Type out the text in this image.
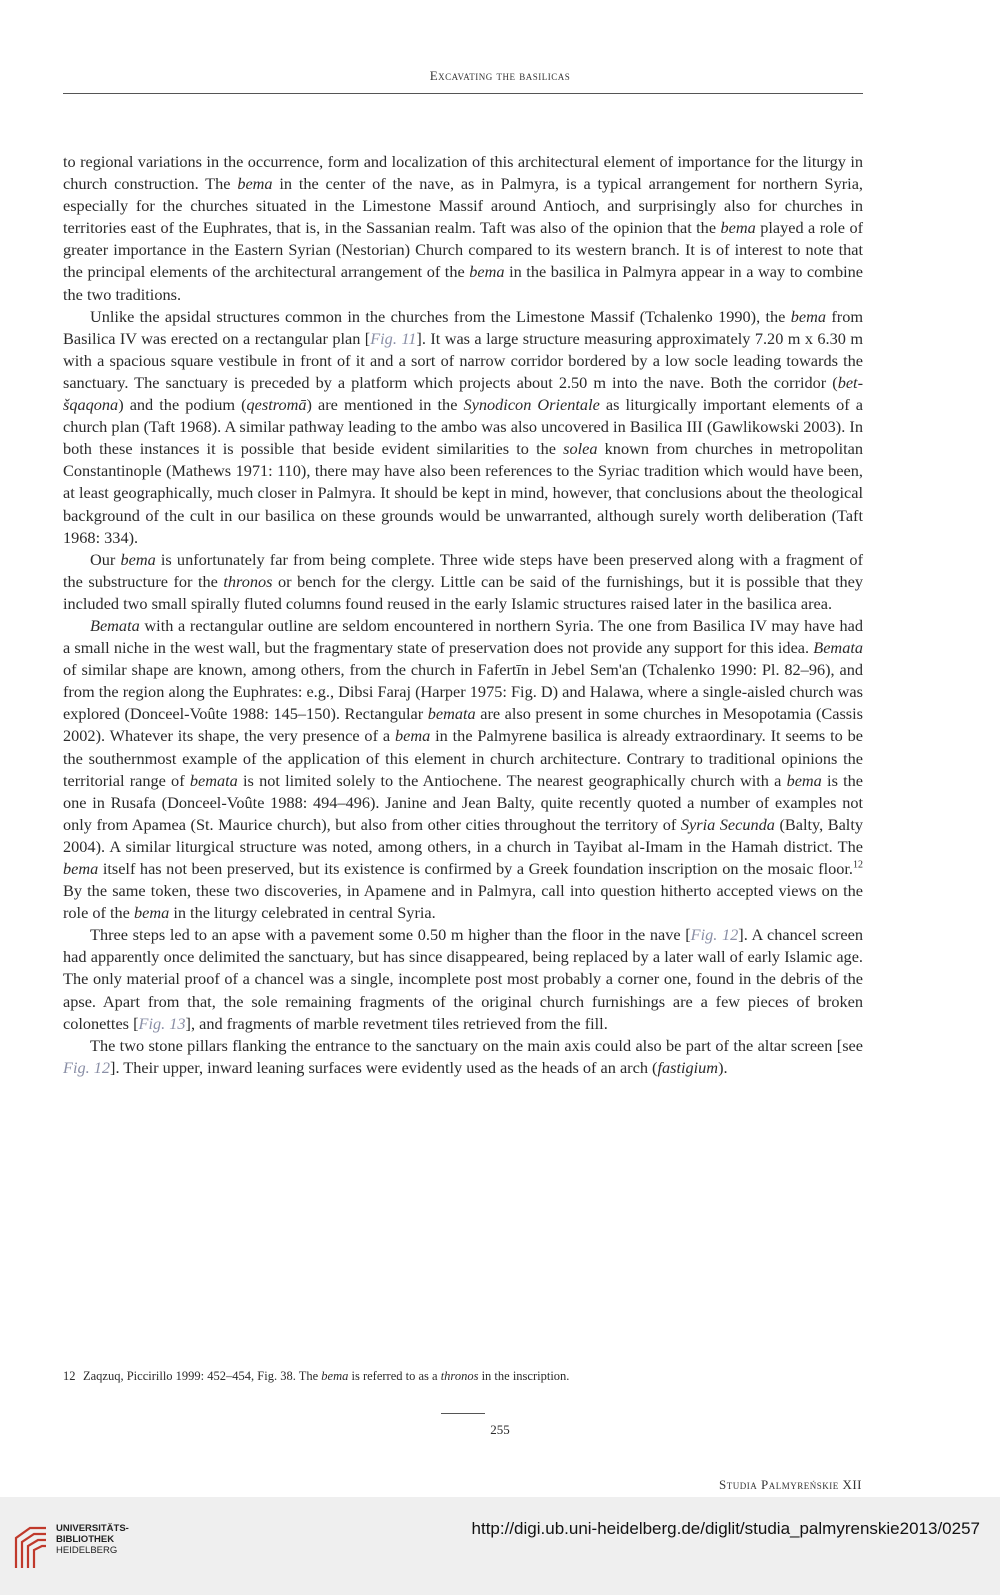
Excavating the basilicas

to regional variations in the occurrence, form and localization of this architectural element of importance for the liturgy in church construction. The bema in the center of the nave, as in Palmyra, is a typical arrangement for northern Syria, especially for the churches situated in the Limestone Massif around Antioch, and surprisingly also for churches in territories east of the Euphrates, that is, in the Sassanian realm. Taft was also of the opinion that the bema played a role of greater importance in the Eastern Syrian (Nestorian) Church compared to its western branch. It is of interest to note that the principal elements of the architectural arrangement of the bema in the basilica in Palmyra appear in a way to combine the two traditions.

Unlike the apsidal structures common in the churches from the Limestone Massif (Tchalenko 1990), the bema from Basilica IV was erected on a rectangular plan [Fig. 11]. It was a large structure measuring approximately 7.20 m x 6.30 m with a spacious square vestibule in front of it and a sort of narrow corridor bordered by a low socle leading towards the sanctuary. The sanctuary is preceded by a platform which projects about 2.50 m into the nave. Both the corridor (bet-šqaqona) and the podium (qestromā) are mentioned in the Synodicon Orientale as liturgically important elements of a church plan (Taft 1968). A similar pathway leading to the ambo was also uncovered in Basilica III (Gawlikowski 2003). In both these instances it is possible that beside evident similarities to the solea known from churches in metropolitan Constantinople (Mathews 1971: 110), there may have also been references to the Syriac tradition which would have been, at least geographically, much closer in Palmyra. It should be kept in mind, however, that conclusions about the theological background of the cult in our basilica on these grounds would be unwarranted, although surely worth deliberation (Taft 1968: 334).

Our bema is unfortunately far from being complete. Three wide steps have been preserved along with a fragment of the substructure for the thronos or bench for the clergy. Little can be said of the furnishings, but it is possible that they included two small spirally fluted columns found reused in the early Islamic structures raised later in the basilica area.

Bemata with a rectangular outline are seldom encountered in northern Syria. The one from Basilica IV may have had a small niche in the west wall, but the fragmentary state of preservation does not provide any support for this idea. Bemata of similar shape are known, among others, from the church in Fafertīn in Jebel Sem'an (Tchalenko 1990: Pl. 82–96), and from the region along the Euphrates: e.g., Dibsi Faraj (Harper 1975: Fig. D) and Halawa, where a single-aisled church was explored (Donceel-Voûte 1988: 145–150). Rectangular bemata are also present in some churches in Mesopotamia (Cassis 2002). Whatever its shape, the very presence of a bema in the Palmyrene basilica is already extraordinary. It seems to be the southernmost example of the application of this element in church architecture. Contrary to traditional opinions the territorial range of bemata is not limited solely to the Antiochene. The nearest geographically church with a bema is the one in Rusafa (Donceel-Voûte 1988: 494–496). Janine and Jean Balty, quite recently quoted a number of examples not only from Apamea (St. Maurice church), but also from other cities throughout the territory of Syria Secunda (Balty, Balty 2004). A similar liturgical structure was noted, among others, in a church in Tayibat al-Imam in the Hamah district. The bema itself has not been preserved, but its existence is confirmed by a Greek foundation inscription on the mosaic floor.$^{12}$ By the same token, these two discoveries, in Apamene and in Palmyra, call into question hitherto accepted views on the role of the bema in the liturgy celebrated in central Syria.

Three steps led to an apse with a pavement some 0.50 m higher than the floor in the nave [Fig. 12]. A chancel screen had apparently once delimited the sanctuary, but has since disappeared, being replaced by a later wall of early Islamic age. The only material proof of a chancel was a single, incomplete post most probably a corner one, found in the debris of the apse. Apart from that, the sole remaining fragments of the original church furnishings are a few pieces of broken colonettes [Fig. 13], and fragments of marble revetment tiles retrieved from the fill.

The two stone pillars flanking the entrance to the sanctuary on the main axis could also be part of the altar screen [see Fig. 12]. Their upper, inward leaning surfaces were evidently used as the heads of an arch (fastigium).

12 Zaqzuq, Piccirillo 1999: 452–454, Fig. 38. The bema is referred to as a thronos in the inscription.
255
Studia Palmyreńskie XII
UNIVERSITÄTS-
BIBLIOTHEK
HEIDELBERG
http://digi.ub.uni-heidelberg.de/diglit/studia_palmyrenskie2013/0257
